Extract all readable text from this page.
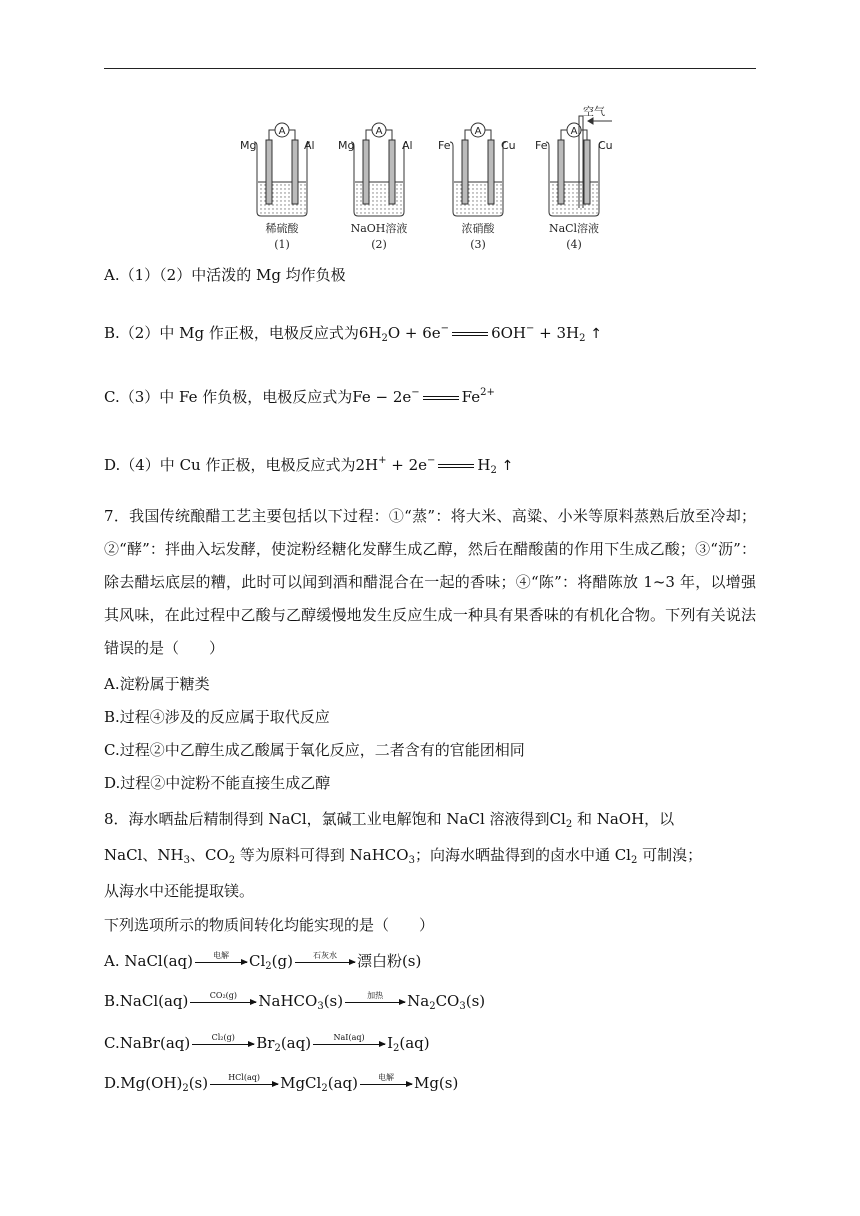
Mg	Al Mg	Al Fe	Cu Fe	Cu
空气
A	A	A	A
稀硫酸	NaOH溶液	浓硝酸	NaCl溶液
(1)	(2)	(3)	(4)
A.（1）（2）中活泼的 Mg 均作负极
B.（2）中 Mg 作正极，电极反应式为$6H_2O + 6e^-$	$6OH^- + 3H_2$ ↑
C.（3）中 Fe 作负极，电极反应式为Fe − 2e−	$Fe^{2+}$
D.（4）中 Cu 作正极，电极反应式为2H+ + 2e−	$H_2$ ↑
7．我国传统酿醋工艺主要包括以下过程：①“蒸”：将大米、高粱、小米等原料蒸熟后放至冷却；②“酵”：拌曲入坛发酵，使淀粉经糖化发酵生成乙醇，然后在醋酸菌的作用下生成乙酸；③“沥”：除去醋坛底层的糟，此时可以闻到酒和醋混合在一起的香味；④“陈”：将醋陈放 1~3 年，以增强其风味，在此过程中乙酸与乙醇缓慢地发生反应生成一种具有果香味的有机化合物。下列有关说法错误的是（　　）
A.淀粉属于糖类
B.过程④涉及的反应属于取代反应
C.过程②中乙醇生成乙酸属于氧化反应，二者含有的官能团相同
D.过程②中淀粉不能直接生成乙醇
8．海水晒盐后精制得到 NaCl，氯碱工业电解饱和 NaCl 溶液得到$Cl_2$ 和 NaOH，以
NaCl、$NH_3$、$CO_2$ 等为原料可得到 NaHCO$_3$；向海水晒盐得到的卤水中通 $Cl_2$ 可制溴；
从海水中还能提取镁。
下列选项所示的物质间转化均能实现的是（　　）
A. NaCl(aq)	电解	$Cl_2(g)$	石灰水	漂白粉(s)
B.NaCl(aq)	CO₂(g)	NaHCO$_3$(s)	加热	$Na_2CO_3(s)$
C.NaBr(aq)	Cl₂(g)	$Br_2(aq)$	NaI(aq)	$I_2(aq)$
$D.Mg(OH)_2(s)$	HCl(aq)	MgCl$_2$(aq)	电解	Mg(s)
